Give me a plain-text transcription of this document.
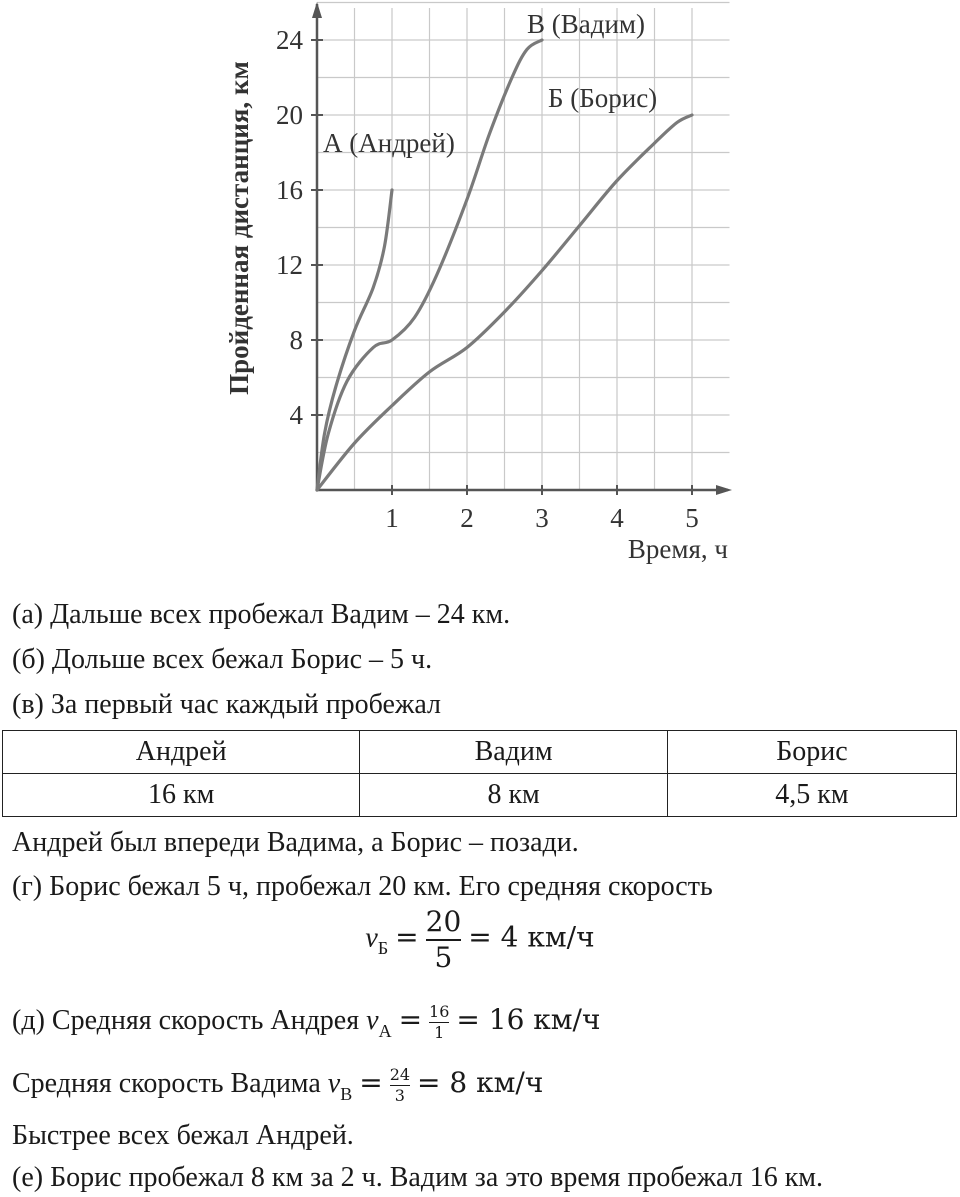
1 2 3 4 5
4
8
12
16
20
24
А (Андрей)
В (Вадим)
Б (Борис)
Время, ч
Пройденная дистанция, км
(а) Дальше всех пробежал Вадим – 24 км.
(б) Дольше всех бежал Борис – 5 ч.
(в) За первый час каждый пробежал
Андрей	Вадим	Борис
16 км	8 км	4,5 км
Андрей был впереди Вадима, а Борис – позади.
(г) Борис бежал 5 ч, пробежал 20 км. Его средняя скорость
$v_Б = \frac{20}{5} = 4$ км/ч
(д) Средняя скорость Андрея $v_А = \frac{16}{1} = 16$ км/ч
Средняя скорость Вадима $v_В = \frac{24}{3} = 8$ км/ч
Быстрее всех бежал Андрей.
(е) Борис пробежал 8 км за 2 ч. Вадим за это время пробежал 16 км.
